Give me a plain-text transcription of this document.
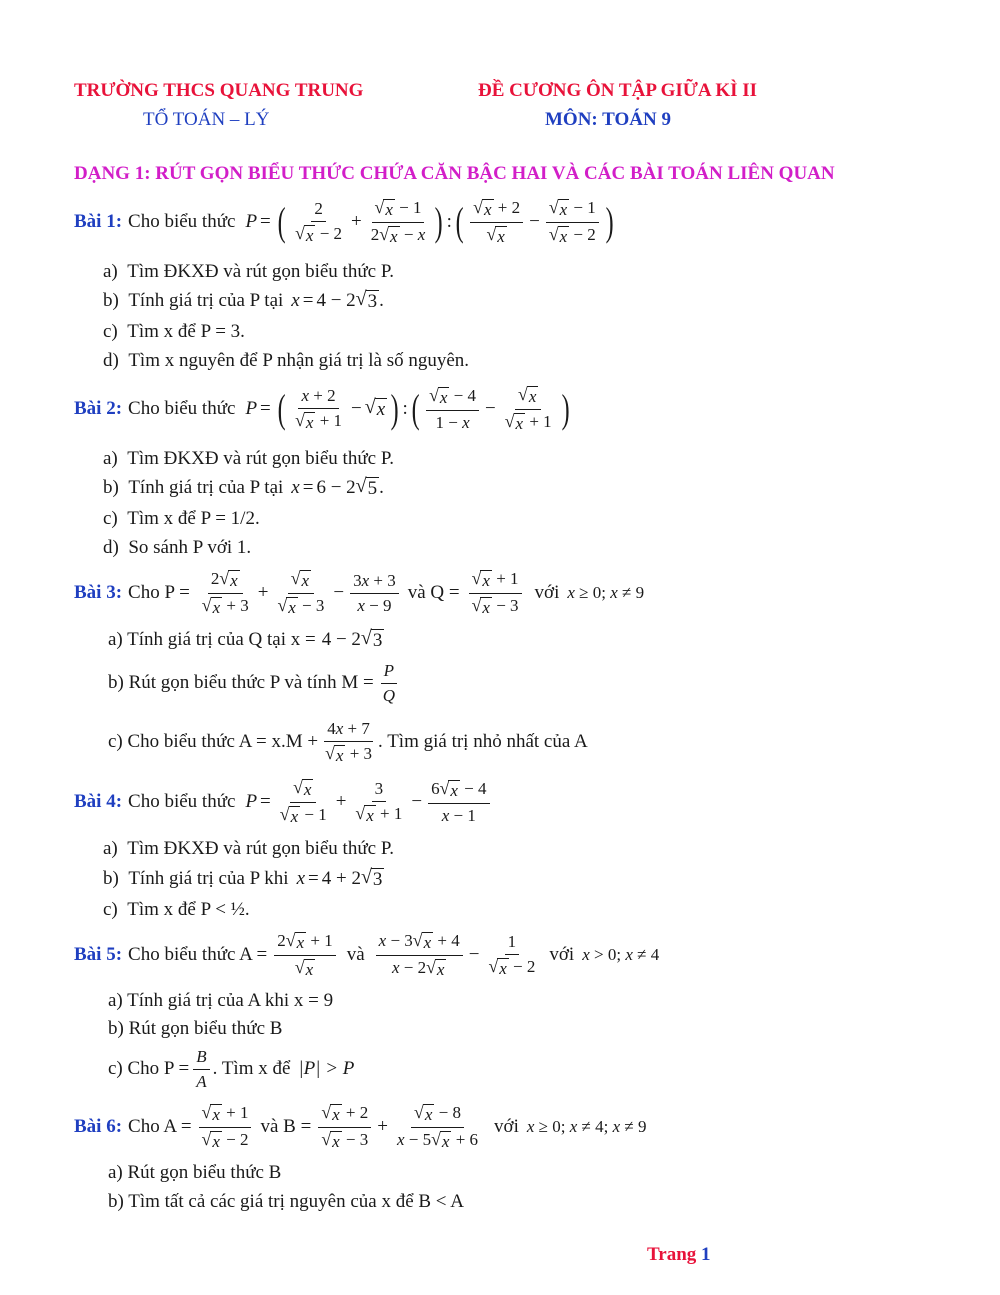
TRƯỜNG THCS QUANG TRUNG
TỔ TOÁN – LÝ
ĐỀ CƯƠNG ÔN TẬP GIỮA KÌ II
MÔN: TOÁN 9
DẠNG 1: RÚT GỌN BIỂU THỨC CHỨA CĂN BẬC HAI VÀ CÁC BÀI TOÁN LIÊN QUAN
Bài 1: Cho biểu thức P = ( $\frac{2}{√ x - 2} + \frac{√ x - 1}{2 √ x - x}$ ) : ( $\frac{√ x + 2}{√ x} - \frac{√ x - 1}{√ x - 2}$ )
a)  Tìm ĐKXĐ và rút gọn biểu thức P.
b)  Tính giá trị của P tại x = 4 − 2 √ 3 .
c)  Tìm x để P = 3.
d)  Tìm x nguyên để P nhận giá trị là số nguyên.
Bài 2: Cho biểu thức P = ( $\frac{x + 2}{√ x + 1}$ − √ x ) : ( $\frac{√ x - 4}{1 - x} - \frac{√ x}{√ x + 1}$ )
a)  Tìm ĐKXĐ và rút gọn biểu thức P.
b)  Tính giá trị của P tại x = 6 − 2 √ 5 .
c)  Tìm x để P = 1/2.
d)  So sánh P với 1.
Bài 3: Cho $P = \frac{2 √ x}{√ x + 3} + \frac{√ x}{√ x - 3} - \frac{3x + 3}{x - 9}$ và $Q = \frac{√ x + 1}{√ x - 3}$ với x ≥ 0; x ≠ 9
a) Tính giá trị của Q tại x = 4 − 2 √ 3
b) Rút gọn biểu thức P và tính $M = \frac{P}{Q}$
c) Cho biểu thức $A = x.M + \frac{4x + 7}{√ x + 3}$ . Tìm giá trị nhỏ nhất của A
Bài 4: Cho biểu thức $P = \frac{√ x}{√ x - 1} + \frac{3}{√ x + 1} - \frac{6 √ x - 4}{x - 1}$
a)  Tìm ĐKXĐ và rút gọn biểu thức P.
b)  Tính giá trị của P khi x = 4 + 2 √ 3
c)  Tìm x để P < ½.
Bài 5: Cho biểu thức $A = \frac{2 √ x + 1}{√ x}$ và $\frac{x - 3 √ x + 4}{x - 2 √ x} - \frac{1}{√ x - 2}$ với x > 0; x ≠ 4
a) Tính giá trị của A khi x = 9
b) Rút gọn biểu thức B
c) Cho $P = \frac{B}{A}$ . Tìm x để |P| > P
Bài 6: Cho $A = \frac{√ x + 1}{√ x - 2}$ và $B = \frac{√ x + 2}{√ x - 3} + \frac{√ x - 8}{x - 5 √ x + 6}$ với x ≥ 0; x ≠ 4; x ≠ 9
a) Rút gọn biểu thức B
b) Tìm tất cả các giá trị nguyên của x để B < A
Trang 1
